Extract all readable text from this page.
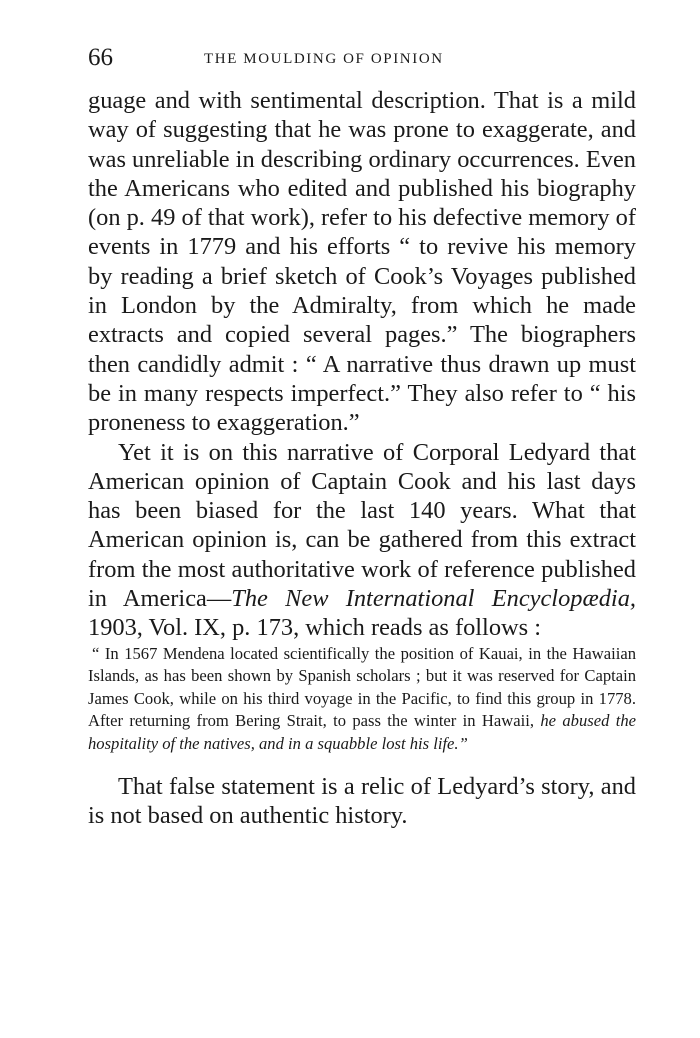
66	THE MOULDING OF OPINION

guage and with sentimental description. That is a mild way of suggesting that he was prone to exaggerate, and was unreliable in describing ordinary occurrences. Even the Americans who edited and published his biography (on p. 49 of that work), refer to his defective memory of events in 1779 and his efforts “ to revive his memory by reading a brief sketch of Cook’s Voyages published in London by the Admiralty, from which he made extracts and copied several pages.” The biographers then candidly admit : “ A narrative thus drawn up must be in many respects imperfect.” They also refer to “ his proneness to exaggeration.”

Yet it is on this narrative of Corporal Ledyard that American opinion of Captain Cook and his last days has been biased for the last 140 years. What that American opinion is, can be gathered from this extract from the most authoritative work of reference published in America—The New International Encyclopædia, 1903, Vol. IX, p. 173, which reads as follows :

“ In 1567 Mendena located scientifically the position of Kauai, in the Hawaiian Islands, as has been shown by Spanish scholars ; but it was reserved for Captain James Cook, while on his third voyage in the Pacific, to find this group in 1778. After returning from Bering Strait, to pass the winter in Hawaii, he abused the hospitality of the natives, and in a squabble lost his life.”

That false statement is a relic of Ledyard’s story, and is not based on authentic history.
